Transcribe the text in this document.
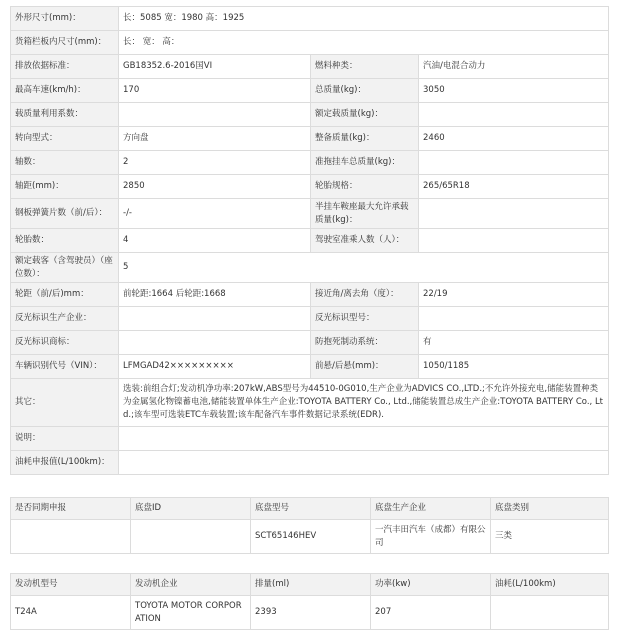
外形尺寸(mm)：	长：5085 宽：1980 高：1925		
货箱栏板内尺寸(mm)：	长： 宽： 高：		
排放依据标准：	GB18352.6-2016国VI	燃料种类：	汽油/电混合动力
最高车速(km/h)：	170	总质量(kg)：	3050
载质量利用系数：		额定载质量(kg)：	
转向型式：	方向盘	整备质量(kg)：	2460
轴数：	2	准拖挂车总质量(kg)：	
轴距(mm)：	2850	轮胎规格：	265/65R18
钢板弹簧片数（前/后）：	-/-	半挂车鞍座最大允许承载质量(kg)：	
轮胎数：	4	驾驶室准乘人数（人）：	
额定载客（含驾驶员）（座位数）：	5		
轮距（前/后)mm：	前轮距:1664 后轮距:1668	接近角/离去角（度）：	22/19
反光标识生产企业：		反光标识型号：	
反光标识商标：		防抱死制动系统：	有
车辆识别代号（VIN）：	LFMGAD42×××××××××	前悬/后悬(mm)：	1050/1185
其它：	选装:前组合灯;发动机净功率:207kW,ABS型号为44510-0G010,生产企业为ADVICS CO.,LTD.;不允许外接充电,储能装置种类为金属氢化物镍蓄电池,储能装置单体生产企业:TOYOTA BATTERY Co., Ltd.,储能装置总成生产企业:TOYOTA BATTERY Co., Ltd.;该车型可选装ETC车载装置;该车配备汽车事件数据记录系统(EDR).		
说明：			
油耗申报值(L/100km)：			
是否同期申报	底盘ID	底盘型号	底盘生产企业	底盘类别
		SCT65146HEV	一汽丰田汽车（成都）有限公司	三类
发动机型号	发动机企业	排量(ml)	功率(kw)	油耗(L/100km)
T24A	TOYOTA MOTOR CORPORATION	2393	207	
